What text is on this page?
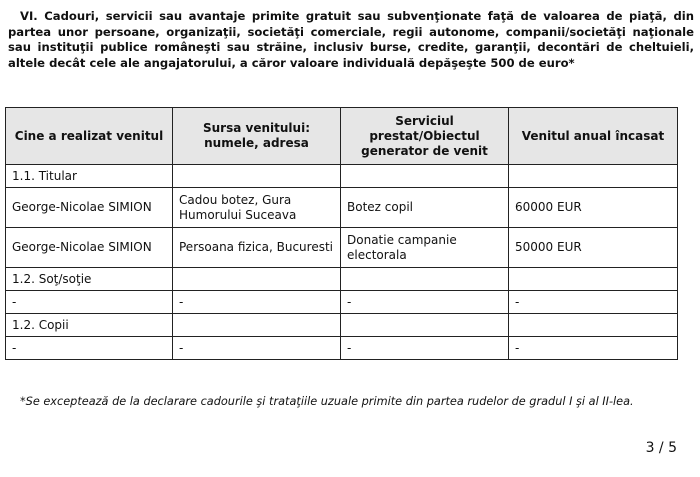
VI. Cadouri, servicii sau avantaje primite gratuit sau subvenţionate faţă de valoarea de piaţă, din partea unor persoane, organizaţii, societăţi comerciale, regii autonome, companii/societăţi naţionale sau instituţii publice româneşti sau străine, inclusiv burse, credite, garanţii, decontări de cheltuieli, altele decât cele ale angajatorului, a căror valoare individuală depăşeşte 500 de euro*
Cine a realizat venitul	Sursa venitului: numele, adresa	Serviciul prestat/Obiectul generator de venit	Venitul anual încasat
1.1. Titular			
George-Nicolae SIMION	Cadou botez, Gura Humorului Suceava	Botez copil	60000 EUR
George-Nicolae SIMION	Persoana fizica, Bucuresti	Donatie campanie electorala	50000 EUR
1.2. Soţ/soţie			
-	-	-	-
1.2. Copii			
-	-	-	-
*Se exceptează de la declarare cadourile şi trataţiile uzuale primite din partea rudelor de gradul I şi al II-lea.
3 / 5
